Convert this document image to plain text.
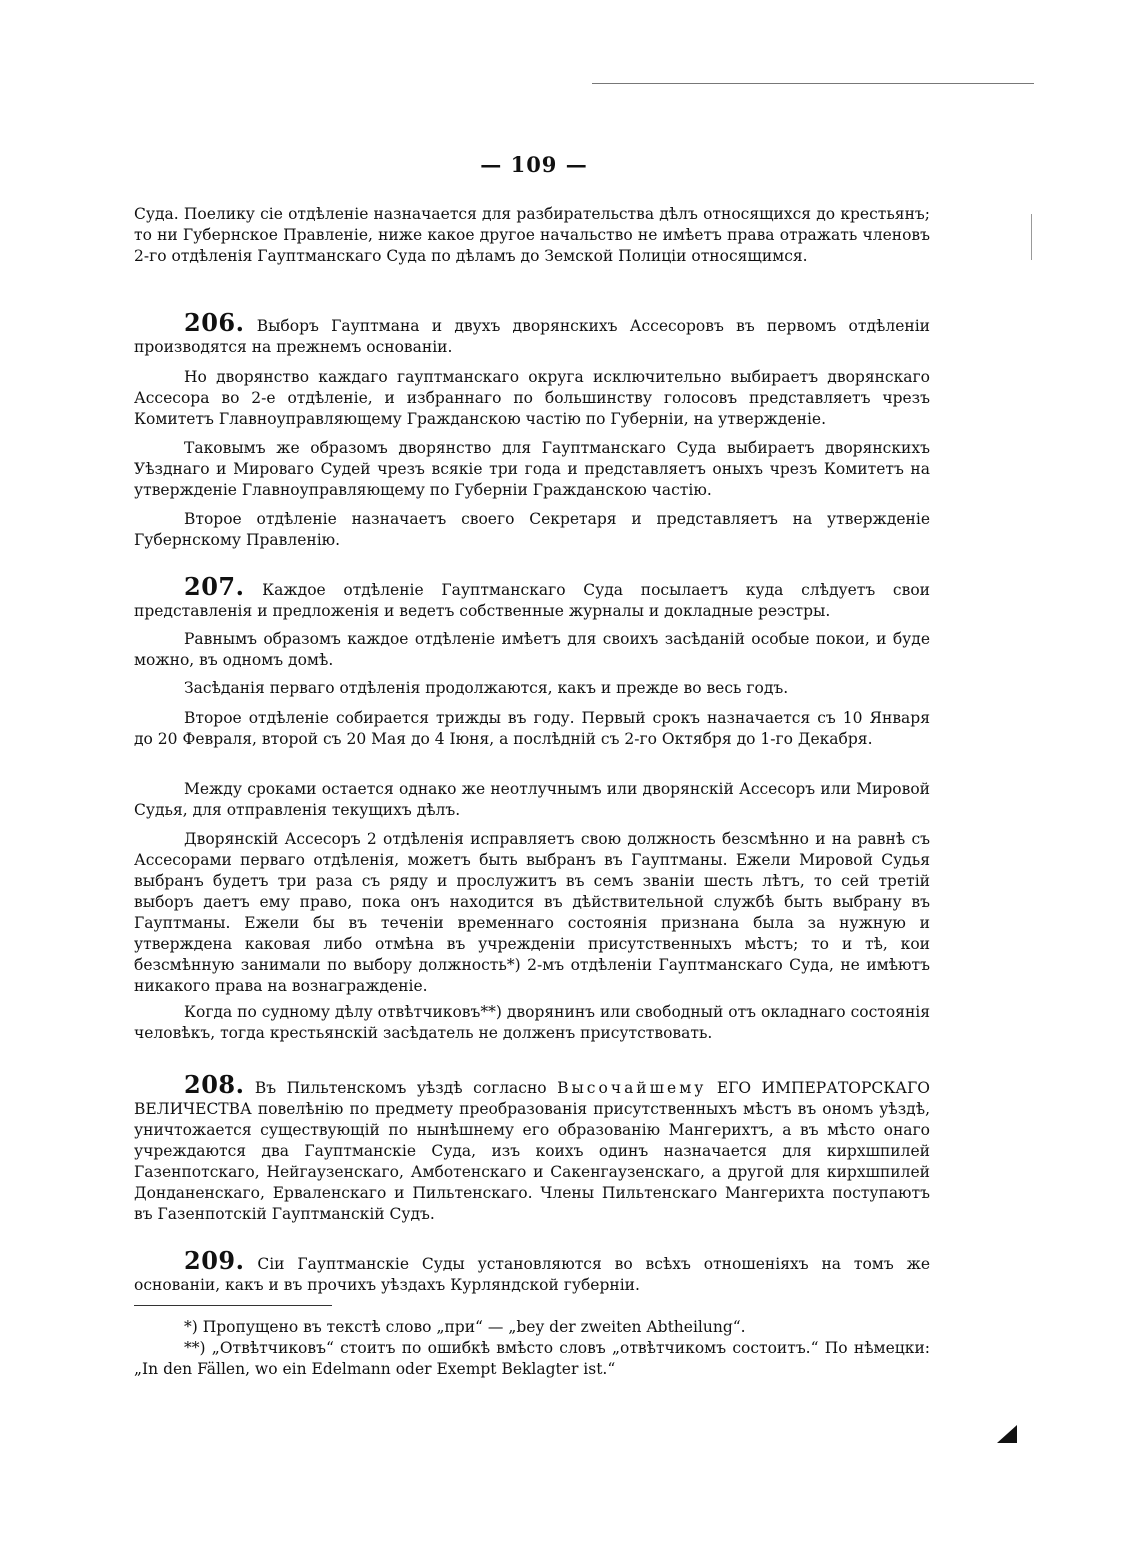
— 109 —
Суда. Поелику сiе отдѣленiе назначается для разбирательства дѣлъ относящихся до крестьянъ; то ни Губернское Правленiе, ниже какое другое начальство не имѣетъ права отражать членовъ 2-го отдѣленiя Гауптманскаго Суда по дѣламъ до Земской Полицiи относящимся.
206. Выборъ Гауптмана и двухъ дворянскихъ Ассесоровъ въ первомъ отдѣленiи производятся на прежнемъ основанiи.
Но дворянство каждаго гауптманскаго округа исключительно выбираетъ дворянскаго Ассесора во 2-е отдѣленiе, и избраннаго по большинству голосовъ представляетъ чрезъ Комитетъ Главноуправляющему Гражданскою частiю по Губернiи, на утвержденiе.
Таковымъ же образомъ дворянство для Гауптманскаго Суда выбираетъ дворянскихъ Уѣзднаго и Мироваго Судей чрезъ всякiе три года и представляетъ оныхъ чрезъ Комитетъ на утвержденiе Главноуправляющему по Губернiи Гражданскою частiю.
Второе отдѣленiе назначаетъ своего Секретаря и представляетъ на утвержденiе Губернскому Правленiю.
207. Каждое отдѣленiе Гауптманскаго Суда посылаетъ куда слѣдуетъ свои представленiя и предложенiя и ведетъ собственные журналы и докладные реэстры.
Равнымъ образомъ каждое отдѣленiе имѣетъ для своихъ засѣданiй особые покои, и буде можно, въ одномъ домѣ.
Засѣданiя перваго отдѣленiя продолжаются, какъ и прежде во весь годъ.
Второе отдѣленiе собирается трижды въ году. Первый срокъ назначается съ 10 Января до 20 Февраля, второй съ 20 Мая до 4 Iюня, а послѣднiй съ 2-го Октября до 1-го Декабря.
Между сроками остается однако же неотлучнымъ или дворянскiй Ассесоръ или Мировой Судья, для отправленiя текущихъ дѣлъ.
Дворянскiй Ассесоръ 2 отдѣленiя исправляетъ свою должность безсмѣнно и на равнѣ съ Ассесорами перваго отдѣленiя, можетъ быть выбранъ въ Гауптманы. Ежели Мировой Судья выбранъ будетъ три раза съ ряду и прослужитъ въ семъ званiи шесть лѣтъ, то сей третiй выборъ даетъ ему право, пока онъ находится въ дѣйствительной службѣ быть выбрану въ Гауптманы. Ежели бы въ теченiи временнаго состоянiя признана была за нужную и утверждена каковая либо отмѣна въ учрежденiи присутственныхъ мѣстъ; то и тѣ, кои безсмѣнную занимали по выбору должность*) 2-мъ отдѣленiи Гауптманскаго Суда, не имѣютъ никакого права на вознагражденiе.
Когда по судному дѣлу отвѣтчиковъ**) дворянинъ или свободный отъ окладнаго состоянiя человѣкъ, тогда крестьянскiй засѣдатель не долженъ присутствовать.
208. Въ Пильтенскомъ уѣздѣ согласно Высочайшему ЕГО ИМПЕРАТОРСКАГО ВЕЛИЧЕСТВА повелѣнiю по предмету преобразованiя присутственныхъ мѣстъ въ ономъ уѣздѣ, уничтожается существующiй по нынѣшнему его образованiю Мангерихтъ, а въ мѣсто онаго учреждаются два Гауптманскiе Суда, изъ коихъ одинъ назначается для кирхшпилей Газенпотскаго, Нейгаузенскаго, Амботенскаго и Сакенгаузенскаго, а другой для кирхшпилей Донданенскаго, Ерваленскаго и Пильтенскаго. Члены Пильтенскаго Мангерихта поступаютъ въ Газенпотскiй Гауптманскiй Судъ.
209. Сiи Гауптманскiе Суды установляются во всѣхъ отношенiяхъ на томъ же основанiи, какъ и въ прочихъ уѣздахъ Курляндской губернiи.
*) Пропущено въ текстѣ слово „при“ — „bey der zweiten Abtheilung“.
**) „Отвѣтчиковъ“ стоитъ по ошибкѣ вмѣсто словъ „отвѣтчикомъ состоитъ.“ По нѣмецки: „In den Fällen, wo ein Edelmann oder Exempt Beklagter ist.“
